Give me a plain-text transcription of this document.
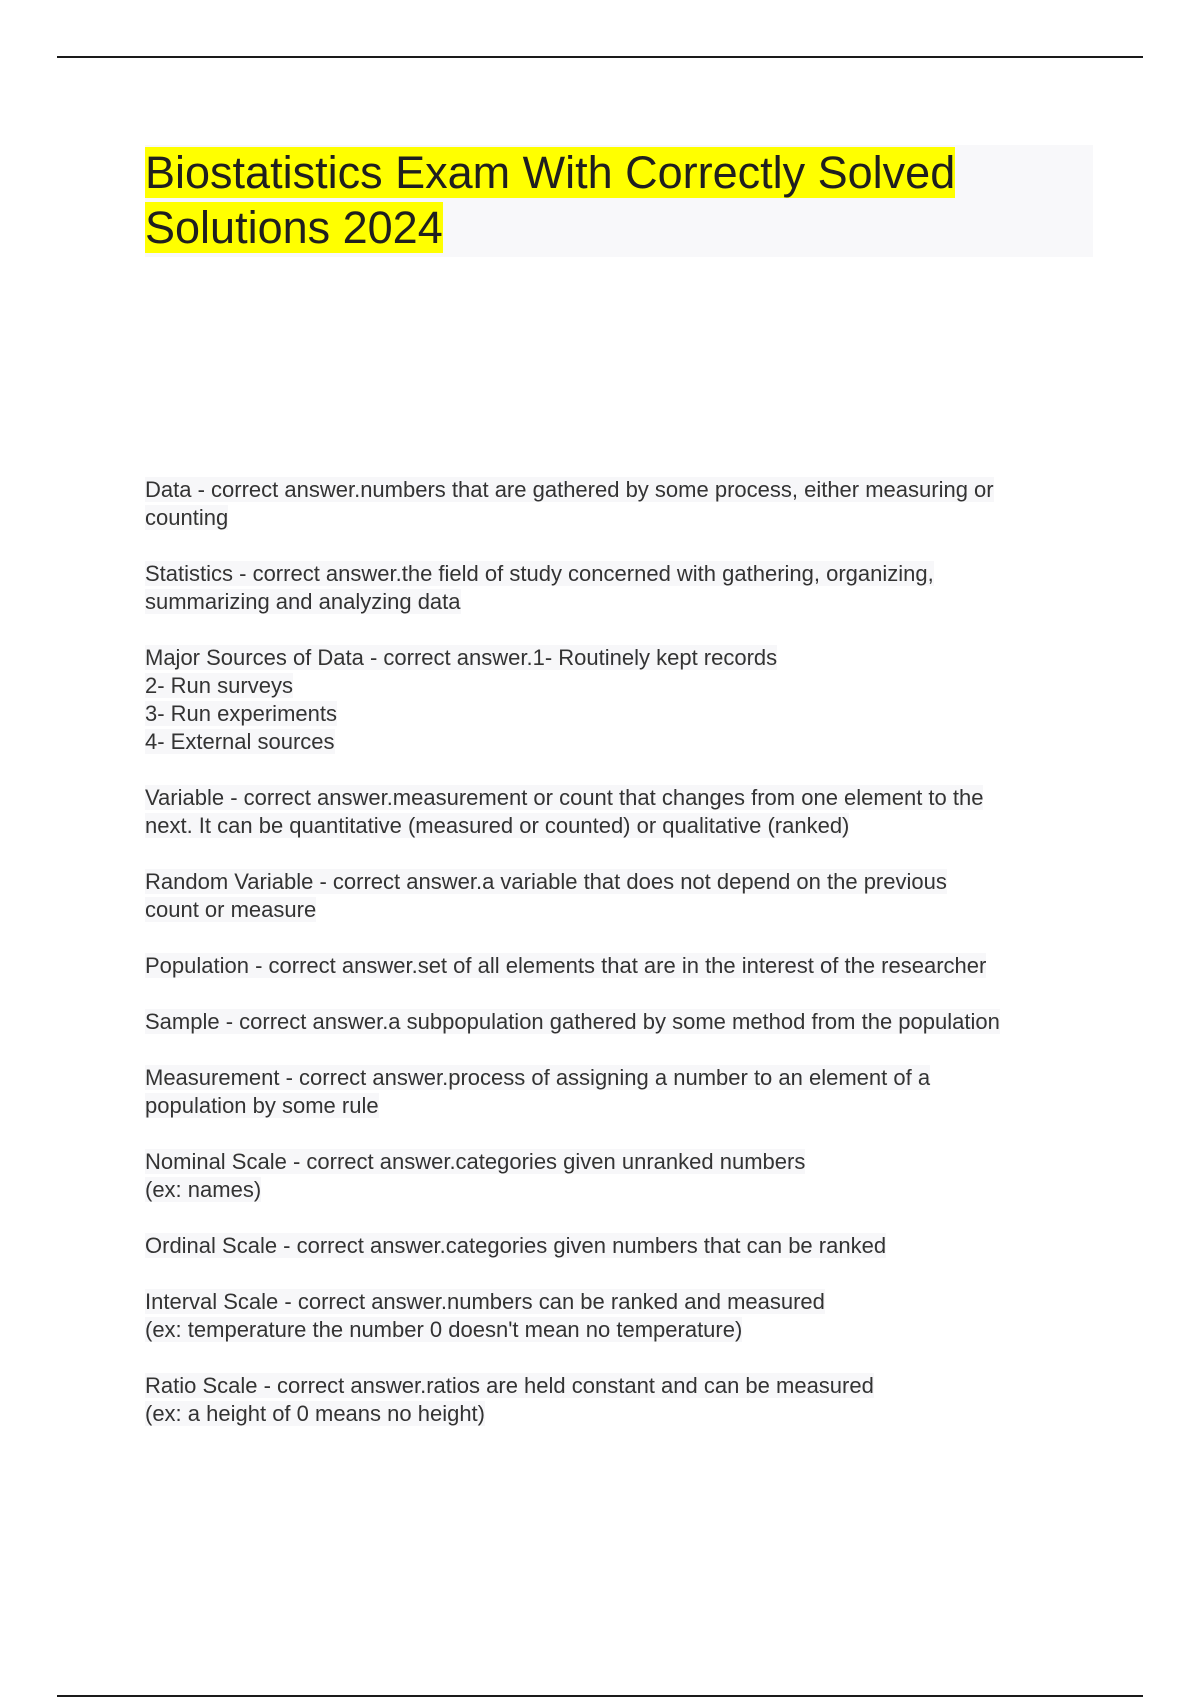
Biostatistics Exam With Correctly Solved Solutions 2024
Data - correct answer.numbers that are gathered by some process, either measuring or
counting
Statistics - correct answer.the field of study concerned with gathering, organizing,
summarizing and analyzing data
Major Sources of Data - correct answer.1- Routinely kept records
2- Run surveys
3- Run experiments
4- External sources
Variable - correct answer.measurement or count that changes from one element to the
next. It can be quantitative (measured or counted) or qualitative (ranked)
Random Variable - correct answer.a variable that does not depend on the previous
count or measure
Population - correct answer.set of all elements that are in the interest of the researcher
Sample - correct answer.a subpopulation gathered by some method from the population
Measurement - correct answer.process of assigning a number to an element of a
population by some rule
Nominal Scale - correct answer.categories given unranked numbers
(ex: names)
Ordinal Scale - correct answer.categories given numbers that can be ranked
Interval Scale - correct answer.numbers can be ranked and measured
(ex: temperature the number 0 doesn't mean no temperature)
Ratio Scale - correct answer.ratios are held constant and can be measured
(ex: a height of 0 means no height)
